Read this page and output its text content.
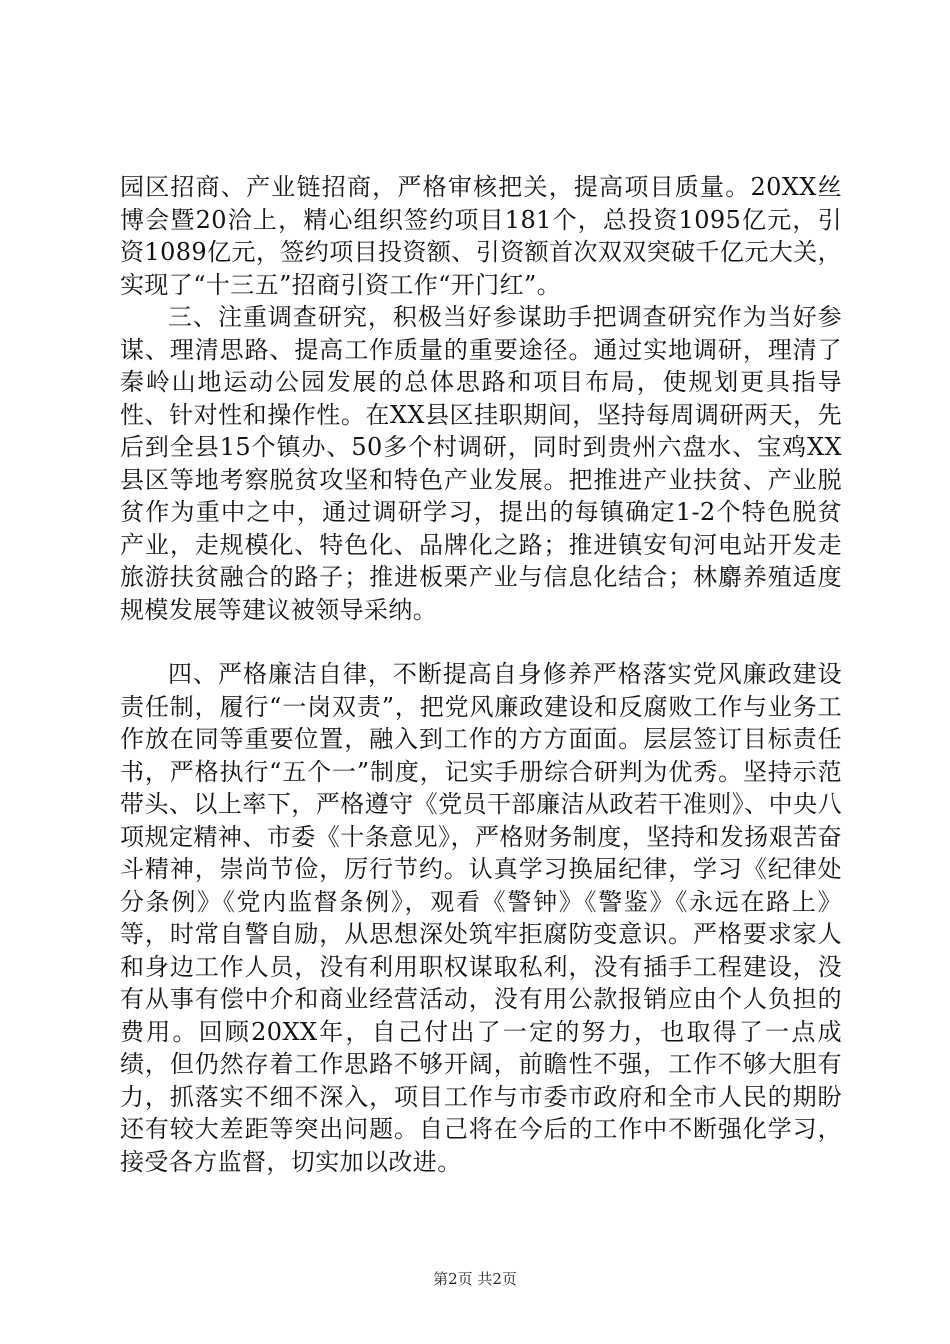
园区招商、产业链招商，严格审核把关，提高项目质量。20XX丝博会暨20洽上，精心组织签约项目181个，总投资1095亿元，引资1089亿元，签约项目投资额、引资额首次双双突破千亿元大关，实现了“十三五”招商引资工作“开门红”。

三、注重调查研究，积极当好参谋助手把调查研究作为当好参谋、理清思路、提高工作质量的重要途径。通过实地调研，理清了秦岭山地运动公园发展的总体思路和项目布局，使规划更具指导性、针对性和操作性。在XX县区挂职期间，坚持每周调研两天，先后到全县15个镇办、50多个村调研，同时到贵州六盘水、宝鸡XX县区等地考察脱贫攻坚和特色产业发展。把推进产业扶贫、产业脱贫作为重中之中，通过调研学习，提出的每镇确定1-2个特色脱贫产业，走规模化、特色化、品牌化之路；推进镇安旬河电站开发走旅游扶贫融合的路子；推进板栗产业与信息化结合；林麝养殖适度规模发展等建议被领导采纳。

四、严格廉洁自律，不断提高自身修养严格落实党风廉政建设责任制，履行“一岗双责”，把党风廉政建设和反腐败工作与业务工作放在同等重要位置，融入到工作的方方面面。层层签订目标责任书，严格执行“五个一”制度，记实手册综合研判为优秀。坚持示范带头、以上率下，严格遵守《党员干部廉洁从政若干准则》、中央八项规定精神、市委《十条意见》，严格财务制度，坚持和发扬艰苦奋斗精神，崇尚节俭，厉行节约。认真学习换届纪律，学习《纪律处分条例》《党内监督条例》，观看《警钟》《警鉴》《永远在路上》等，时常自警自励，从思想深处筑牢拒腐防变意识。严格要求家人和身边工作人员，没有利用职权谋取私利，没有插手工程建设，没有从事有偿中介和商业经营活动，没有用公款报销应由个人负担的费用。回顾20XX年，自己付出了一定的努力，也取得了一点成绩，但仍然存着工作思路不够开阔，前瞻性不强，工作不够大胆有力，抓落实不细不深入，项目工作与市委市政府和全市人民的期盼还有较大差距等突出问题。自己将在今后的工作中不断强化学习，接受各方监督，切实加以改进。

第2页 共2页
